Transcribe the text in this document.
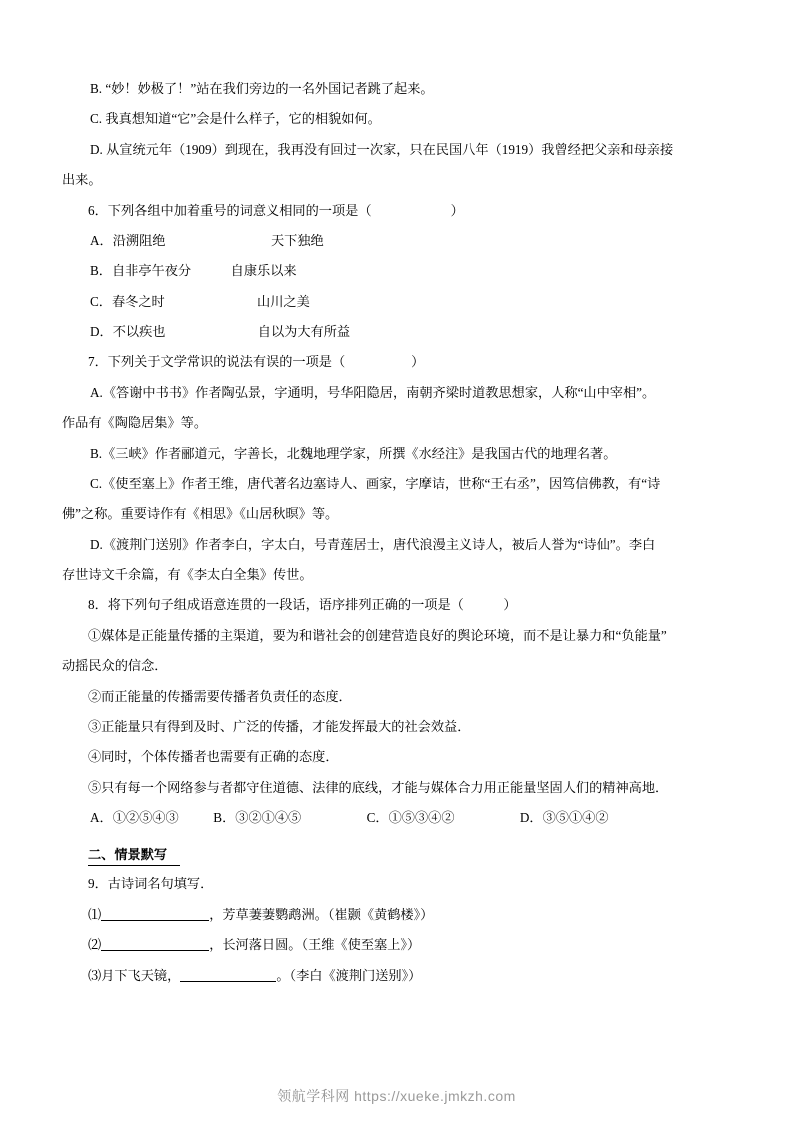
B. “妙！妙极了！”站在我们旁边的一名外国记者跳了起来。

C. 我真想知道“它”会是什么样子，它的相貌如何。

D. 从宣统元年（1909）到现在，我再没有回过一次家，只在民国八年（1919）我曾经把父亲和母亲接

出来。

6．下列各组中加着重号的词意义相同的一项是（　　　　　　）

A．沿溯阻绝　　　　　　　　天下独绝

B．自非亭午夜分　　　自康乐以来

C．春冬之时　　　　　　　山川之美

D．不以疾也　　　　　　　自以为大有所益

7．下列关于文学常识的说法有误的一项是（　　　　　）

A.《答谢中书书》作者陶弘景，字通明，号华阳隐居，南朝齐梁时道教思想家，人称“山中宰相”。

作品有《陶隐居集》等。

B.《三峡》作者郦道元，字善长，北魏地理学家，所撰《水经注》是我国古代的地理名著。

C.《使至塞上》作者王维，唐代著名边塞诗人、画家，字摩诘，世称“王右丞”，因笃信佛教，有“诗

佛”之称。重要诗作有《相思》《山居秋暝》等。

D.《渡荆门送别》作者李白，字太白，号青莲居士，唐代浪漫主义诗人，被后人誉为“诗仙”。李白

存世诗文千余篇，有《李太白全集》传世。

8．将下列句子组成语意连贯的一段话，语序排列正确的一项是（　　　）

①媒体是正能量传播的主渠道，要为和谐社会的创建营造良好的舆论环境，而不是让暴力和“负能量”

动摇民众的信念．

②而正能量的传播需要传播者负责任的态度．

③正能量只有得到及时、广泛的传播，才能发挥最大的社会效益．

④同时，个体传播者也需要有正确的态度．

⑤只有每一个网络参与者都守住道德、法律的底线，才能与媒体合力用正能量坚固人们的精神高地．

A．①②⑤④③	B．③②①④⑤	C．①⑤③④②	D．③⑤①④②

二、情景默写

9．古诗词名句填写．

⑴	，芳草萋萋鹦鹉洲。（崔颢《黄鹤楼》）

⑵	，长河落日圆。（王维《使至塞上》）

⑶月下飞天镜，	。（李白《渡荆门送别》）

领航学科网 https://xueke.jmkzh.com
